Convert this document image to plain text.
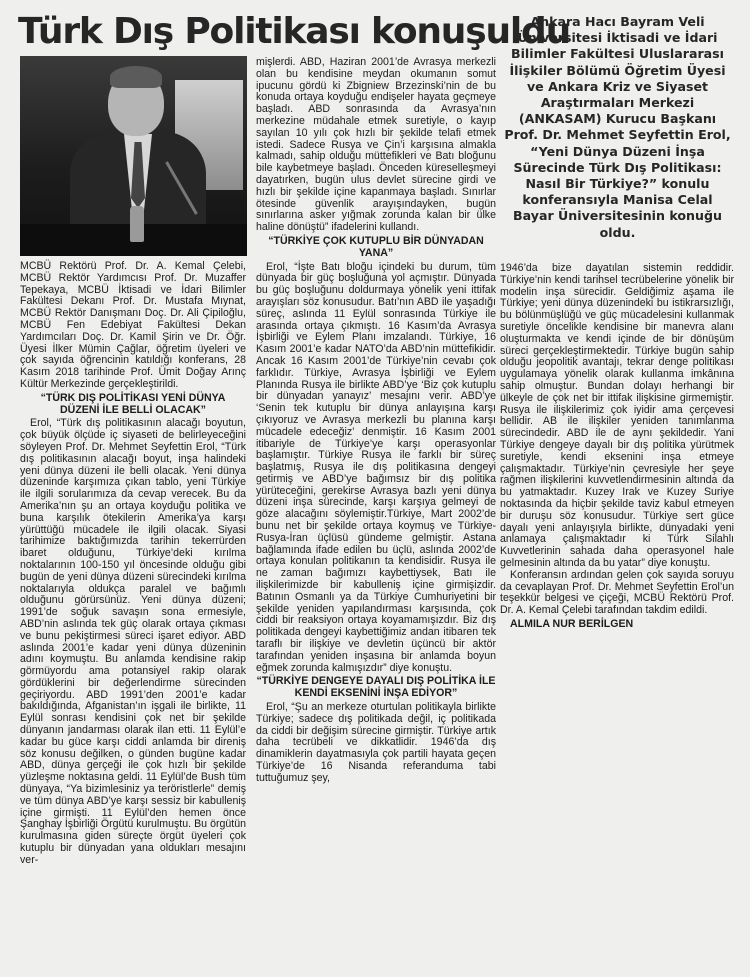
Türk Dış Politikası konuşuldu
Ankara Hacı Bayram Veli Üniversitesi İktisadi ve İdari Bilimler Fakültesi Uluslararası İlişkiler Bölümü Öğretim Üyesi ve Ankara Kriz ve Siyaset Araştırmaları Merkezi (ANKASAM) Kurucu Başkanı Prof. Dr. Mehmet Seyfettin Erol, “Yeni Dünya Düzeni İnşa Sürecinde Türk Dış Politikası: Nasıl Bir Türkiye?” konulu konferansıyla Manisa Celal Bayar Üniversitesinin konuğu oldu.

MCBÜ Rektörü Prof. Dr. A. Kemal Çelebi, MCBÜ Rektör Yardımcısı Prof. Dr. Muzaffer Tepekaya, MCBÜ İktisadi ve İdari Bilimler Fakültesi Dekanı Prof. Dr. Mustafa Mıynat, MCBÜ Rektör Danışmanı Doç. Dr. Ali Çipiloğlu, MCBÜ Fen Edebiyat Fakültesi Dekan Yardımcıları Doç. Dr. Kamil Şirin ve Dr. Öğr. Üyesi İlker Mümin Çağlar, öğretim üyeleri ve çok sayıda öğrencinin katıldığı konferans, 28 Kasım 2018 tarihinde Prof. Ümit Doğay Arınç Kültür Merkezinde gerçekleştirildi.

“TÜRK DIŞ POLİTİKASI YENİ DÜNYA DÜZENİ İLE BELLİ OLACAK”

Erol, “Türk dış politikasının alacağı boyutun, çok büyük ölçüde iç siyaseti de belirleyeceğini söyleyen Prof. Dr. Mehmet Seyfettin Erol, “Türk dış politikasının alacağı boyut, inşa halindeki yeni dünya düzeni ile belli olacak. Yeni dünya düzeninde karşımıza çıkan tablo, yeni Türkiye ile ilgili sorularımıza da cevap verecek. Bu da Amerika’nın şu an ortaya koyduğu politika ve buna karşılık ötekilerin Amerika’ya karşı yürüttüğü mücadele ile ilgili olacak. Siyasi tarihimize baktığımızda tarihin tekerrürden ibaret olduğunu, Türkiye’deki kırılma noktalarının 100-150 yıl öncesinde olduğu gibi bugün de yeni dünya düzeni sürecindeki kırılma noktalarıyla oldukça paralel ve bağımlı olduğunu görürsünüz. Yeni dünya düzeni; 1991’de soğuk savaşın sona ermesiyle, ABD’nin aslında tek güç olarak ortaya çıkması ve bunu pekiştirmesi süreci işaret ediyor. ABD aslında 2001’e kadar yeni dünya düzeninin adını koymuştu. Bu anlamda kendisine rakip görmüyordu ama potansiyel rakip olarak gördüklerini bir değerlendirme sürecinden geçiriyordu. ABD 1991’den 2001’e kadar bakıldığında, Afganistan’ın işgali ile birlikte, 11 Eylül sonrası kendisini çok net bir şekilde dünyanın jandarması olarak ilan etti. 11 Eylül’e kadar bu güce karşı ciddi anlamda bir direniş söz konusu değilken, o günden bugüne kadar ABD, dünya gerçeği ile çok hızlı bir şekilde yüzleşme noktasına geldi. 11 Eylül’de Bush tüm dünyaya, “Ya bizimlesiniz ya teröristlerle” demiş ve tüm dünya ABD’ye karşı sessiz bir kabulleniş içine girmişti. 11 Eylül’den hemen önce Şanghay İşbirliği Örgütü kurulmuştu. Bu örgütün kurulmasına giden süreçte örgüt üyeleri çok kutuplu bir dünyadan yana oldukları mesajını ver-

mişlerdi. ABD, Haziran 2001’de Avrasya merkezli olan bu kendisine meydan okumanın somut ipucunu gördü ki Zbigniew Brzezinski’nin de bu konuda ortaya koyduğu endişeler hayata geçmeye başladı. ABD sonrasında da Avrasya’nın merkezine müdahale etmek suretiyle, o kayıp sayılan 10 yılı çok hızlı bir şekilde telafi etmek istedi. Sadece Rusya ve Çin’i karşısına almakla kalmadı, sahip olduğu müttefikleri ve Batı bloğunu bile kaybetmeye başladı. Önceden küreselleşmeyi dayatırken, bugün ulus devlet sürecine girdi ve hızlı bir şekilde içine kapanmaya başladı. Sınırlar ötesinde güvenlik arayışındayken, bugün sınırlarına asker yığmak zorunda kalan bir ülke haline dönüştü” ifadelerini kullandı.

“TÜRKİYE ÇOK KUTUPLU BİR DÜNYADAN YANA”

Erol, “İşte Batı bloğu içindeki bu durum, tüm dünyada bir güç boşluğuna yol açmıştır. Dünyada bu güç boşluğunu doldurmaya yönelik yeni ittifak arayışları söz konusudur. Batı’nın ABD ile yaşadığı süreç, aslında 11 Eylül sonrasında Türkiye ile arasında ortaya çıkmıştı. 16 Kasım’da Avrasya İşbirliği ve Eylem Planı imzalandı. Türkiye, 16 Kasım 2001’e kadar NATO’da ABD’nin müttefikidir. Ancak 16 Kasım 2001’de Türkiye’nin cevabı çok farklıdır. Türkiye, Avrasya İşbirliği ve Eylem Planında Rusya ile birlikte ABD’ye ‘Biz çok kutuplu bir dünyadan yanayız’ mesajını verir. ABD’ye ‘Senin tek kutuplu bir dünya anlayışına karşı çıkıyoruz ve Avrasya merkezli bu planına karşı mücadele edeceğiz’ denmiştir. 16 Kasım 2001 itibariyle de Türkiye’ye karşı operasyonlar başlamıştır. Türkiye Rusya ile farklı bir süreç başlatmış, Rusya ile dış politikasına dengeyi getirmiş ve ABD’ye bağımsız bir dış politika yürüteceğini, gerekirse Avrasya bazlı yeni dünya düzeni inşa sürecinde, karşı karşıya gelmeyi de göze alacağını söylemiştir.Türkiye, Mart 2002’de bunu net bir şekilde ortaya koymuş ve Türkiye-Rusya-İran üçlüsü gündeme gelmiştir. Astana bağlamında ifade edilen bu üçlü, aslında 2002’de ortaya konulan politikanın ta kendisidir. Rusya ile ne zaman bağımızı kaybettiysek, Batı ile ilişkilerimizde bir kabulleniş içine girmişizdir. Batının Osmanlı ya da Türkiye Cumhuriyetini bir şekilde yeniden yapılandırması karşısında, çok ciddi bir reaksiyon ortaya koyamamışızdır. Biz dış politikada dengeyi kaybettiğimiz andan itibaren tek taraflı bir ilişkiye ve devletin üçüncü bir aktör tarafından yeniden inşasına bir anlamda boyun eğmek zorunda kalmışızdır” diye konuştu.

“TÜRKİYE DENGEYE DAYALI DIŞ POLİTİKA İLE KENDİ EKSENİNİ İNŞA EDİYOR”

Erol, “Şu an merkeze oturtulan politikayla birlikte Türkiye; sadece dış politikada değil, iç politikada da ciddi bir değişim sürecine girmiştir. Türkiye artık daha tecrübeli ve dikkatlidir. 1946’da dış dinamiklerin dayatmasıyla çok partili hayata geçen Türkiye’de 16 Nisanda referanduma tabi tuttuğumuz şey,

1946’da bize dayatılan sistemin reddidir. Türkiye’nin kendi tarihsel tecrübelerine yönelik bir modelin inşa sürecidir. Geldiğimiz aşama ile Türkiye; yeni dünya düzenindeki bu istikrarsızlığı, bu bölünmüşlüğü ve güç mücadelesini kullanmak suretiyle öncelikle kendisine bir manevra alanı oluşturmakta ve kendi içinde de bir dönüşüm süreci gerçekleştirmektedir. Türkiye bugün sahip olduğu jeopolitik avantajı, tekrar denge politikası uygulamaya yönelik olarak kullanma imkânına sahip olmuştur. Bundan dolayı herhangi bir ülkeyle de çok net bir ittifak ilişkisine girmemiştir. Rusya ile ilişkilerimiz çok iyidir ama çerçevesi bellidir. AB ile ilişkiler yeniden tanımlanma sürecindedir. ABD ile de aynı şekildedir. Yani Türkiye dengeye dayalı bir dış politika yürütmek suretiyle, kendi eksenini inşa etmeye çalışmaktadır. Türkiye’nin çevresiyle her şeye rağmen ilişkilerini kuvvetlendirmesinin altında da bu yatmaktadır. Kuzey Irak ve Kuzey Suriye noktasında da hiçbir şekilde taviz kabul etmeyen bir duruşu söz konusudur. Türkiye sert güce dayalı yeni anlayışıyla birlikte, dünyadaki yeni anlamaya çalışmaktadır ki Türk Silahlı Kuvvetlerinin sahada daha operasyonel hale gelmesinin altında da bu yatar” diye konuştu.

Konferansın ardından gelen çok sayıda soruyu da cevaplayan Prof. Dr. Mehmet Seyfettin Erol’un teşekkür belgesi ve çiçeği, MCBÜ Rektörü Prof. Dr. A. Kemal Çelebi tarafından takdim edildi.

ALMILA NUR BERİLGEN
